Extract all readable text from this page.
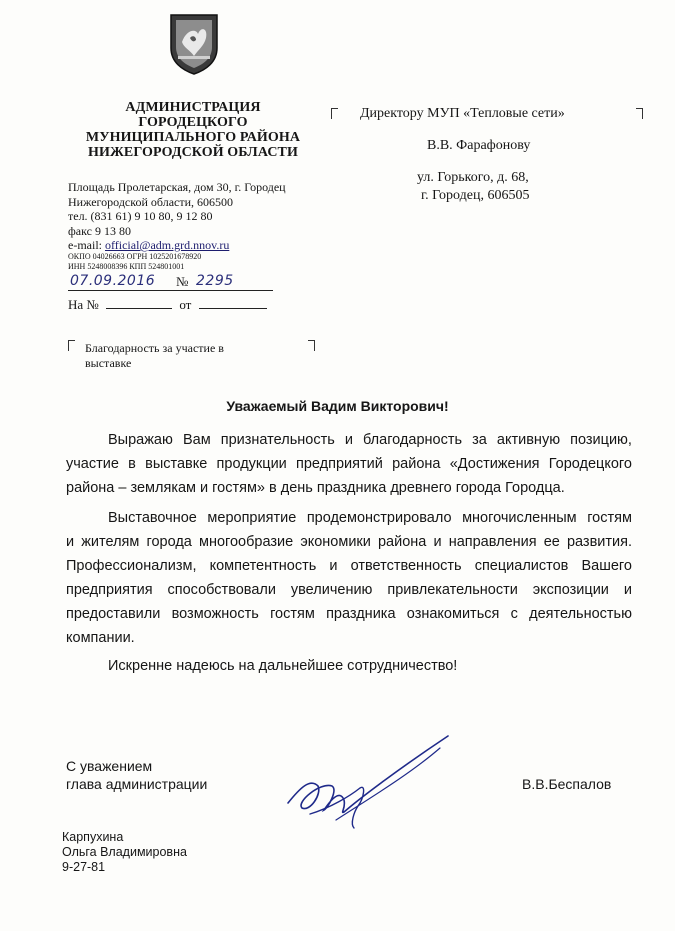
АДМИНИСТРАЦИЯ
ГОРОДЕЦКОГО
МУНИЦИПАЛЬНОГО РАЙОНА
НИЖЕГОРОДСКОЙ ОБЛАСТИ
Площадь Пролетарская, дом 30, г. Городец
Нижегородской области, 606500
тел. (831 61) 9 10 80, 9 12 80
факс 9 13 80
e-mail: official@adm.grd.nnov.ru
ОКПО 04026663 ОГРН 1025201678920
ИНН 5248008396 КПП 524801001
07.09.2016 № 2295
На №	от
Благодарность за участие в
выставке
Директору МУП «Тепловые сети»
В.В. Фарафонову
ул. Горького, д. 68,
г. Городец, 606505
Уважаемый Вадим Викторович!
Выражаю Вам признательность и благодарность за активную позицию,
участие в выставке продукции предприятий района «Достижения Городецкого
района – землякам и гостям» в день праздника древнего города Городца.
Выставочное мероприятие продемонстрировало многочисленным гостям
и жителям города многообразие экономики района и направления ее развития.
Профессионализм, компетентность и ответственность специалистов Вашего
предприятия способствовали увеличению привлекательности экспозиции и
предоставили возможность гостям праздника ознакомиться с деятельностью
компании.
Искренне надеюсь на дальнейшее сотрудничество!
С уважением
глава администрации	В.В.Беспалов
Карпухина
Ольга Владимировна
9-27-81
